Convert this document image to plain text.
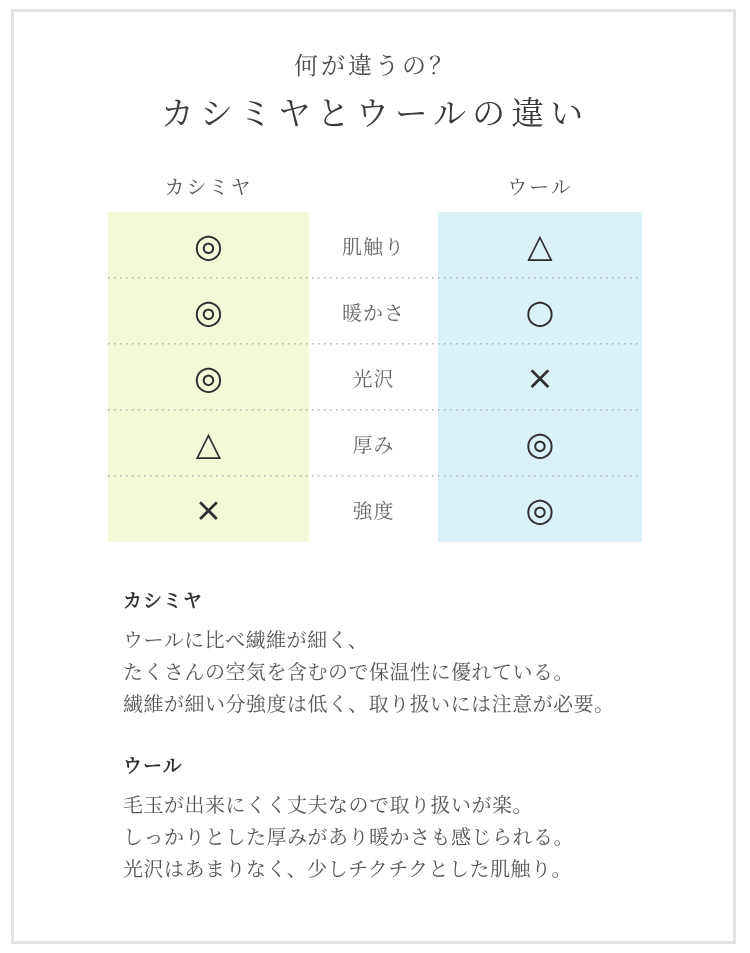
何が違うの？
カシミヤとウールの違い
カシミヤ	ウール
◎	肌触り	△
◎	暖かさ	○
◎	光沢	×
△	厚み	◎
×	強度	◎
カシミヤ
ウールに比べ繊維が細く、
たくさんの空気を含むので保温性に優れている。
繊維が細い分強度は低く、取り扱いには注意が必要。
ウール
毛玉が出来にくく丈夫なので取り扱いが楽。
しっかりとした厚みがあり暖かさも感じられる。
光沢はあまりなく、少しチクチクとした肌触り。
